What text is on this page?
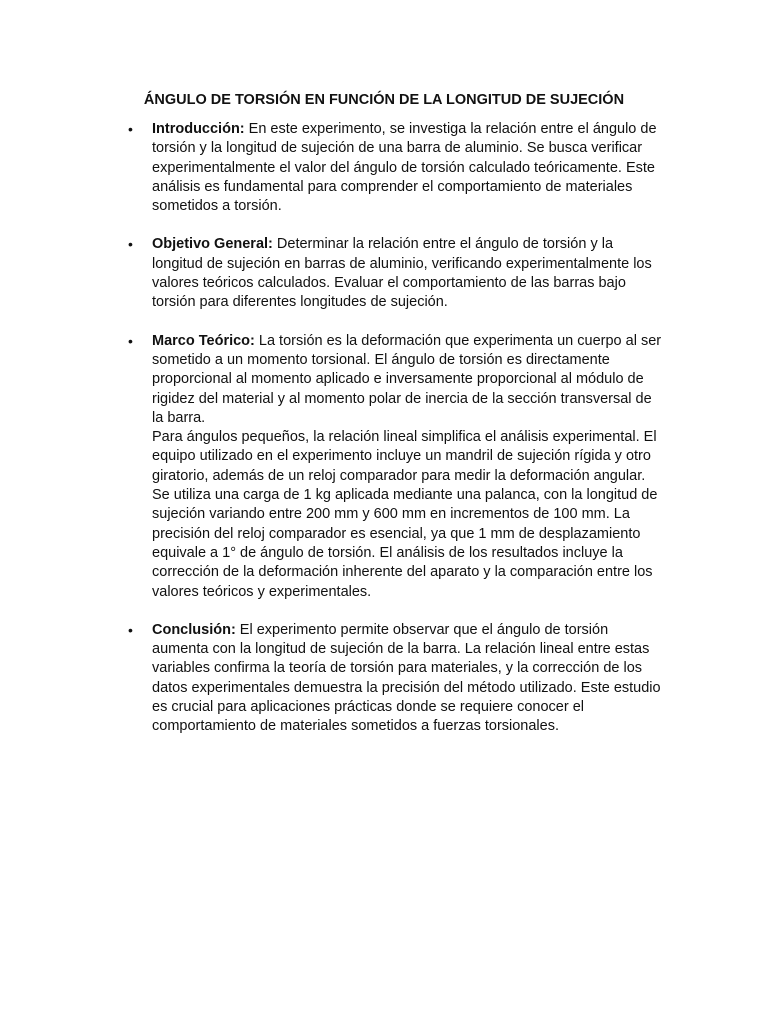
ÁNGULO DE TORSIÓN EN FUNCIÓN DE LA LONGITUD DE SUJECIÓN
• Introducción: En este experimento, se investiga la relación entre el ángulo de torsión y la longitud de sujeción de una barra de aluminio. Se busca verificar experimentalmente el valor del ángulo de torsión calculado teóricamente. Este análisis es fundamental para comprender el comportamiento de materiales sometidos a torsión.
• Objetivo General: Determinar la relación entre el ángulo de torsión y la longitud de sujeción en barras de aluminio, verificando experimentalmente los valores teóricos calculados. Evaluar el comportamiento de las barras bajo torsión para diferentes longitudes de sujeción.
• Marco Teórico: La torsión es la deformación que experimenta un cuerpo al ser sometido a un momento torsional. El ángulo de torsión es directamente proporcional al momento aplicado e inversamente proporcional al módulo de rigidez del material y al momento polar de inercia de la sección transversal de la barra.
Para ángulos pequeños, la relación lineal simplifica el análisis experimental. El equipo utilizado en el experimento incluye un mandril de sujeción rígida y otro giratorio, además de un reloj comparador para medir la deformación angular. Se utiliza una carga de 1 kg aplicada mediante una palanca, con la longitud de sujeción variando entre 200 mm y 600 mm en incrementos de 100 mm. La precisión del reloj comparador es esencial, ya que 1 mm de desplazamiento equivale a 1° de ángulo de torsión. El análisis de los resultados incluye la corrección de la deformación inherente del aparato y la comparación entre los valores teóricos y experimentales.
• Conclusión: El experimento permite observar que el ángulo de torsión aumenta con la longitud de sujeción de la barra. La relación lineal entre estas variables confirma la teoría de torsión para materiales, y la corrección de los datos experimentales demuestra la precisión del método utilizado. Este estudio es crucial para aplicaciones prácticas donde se requiere conocer el comportamiento de materiales sometidos a fuerzas torsionales.
